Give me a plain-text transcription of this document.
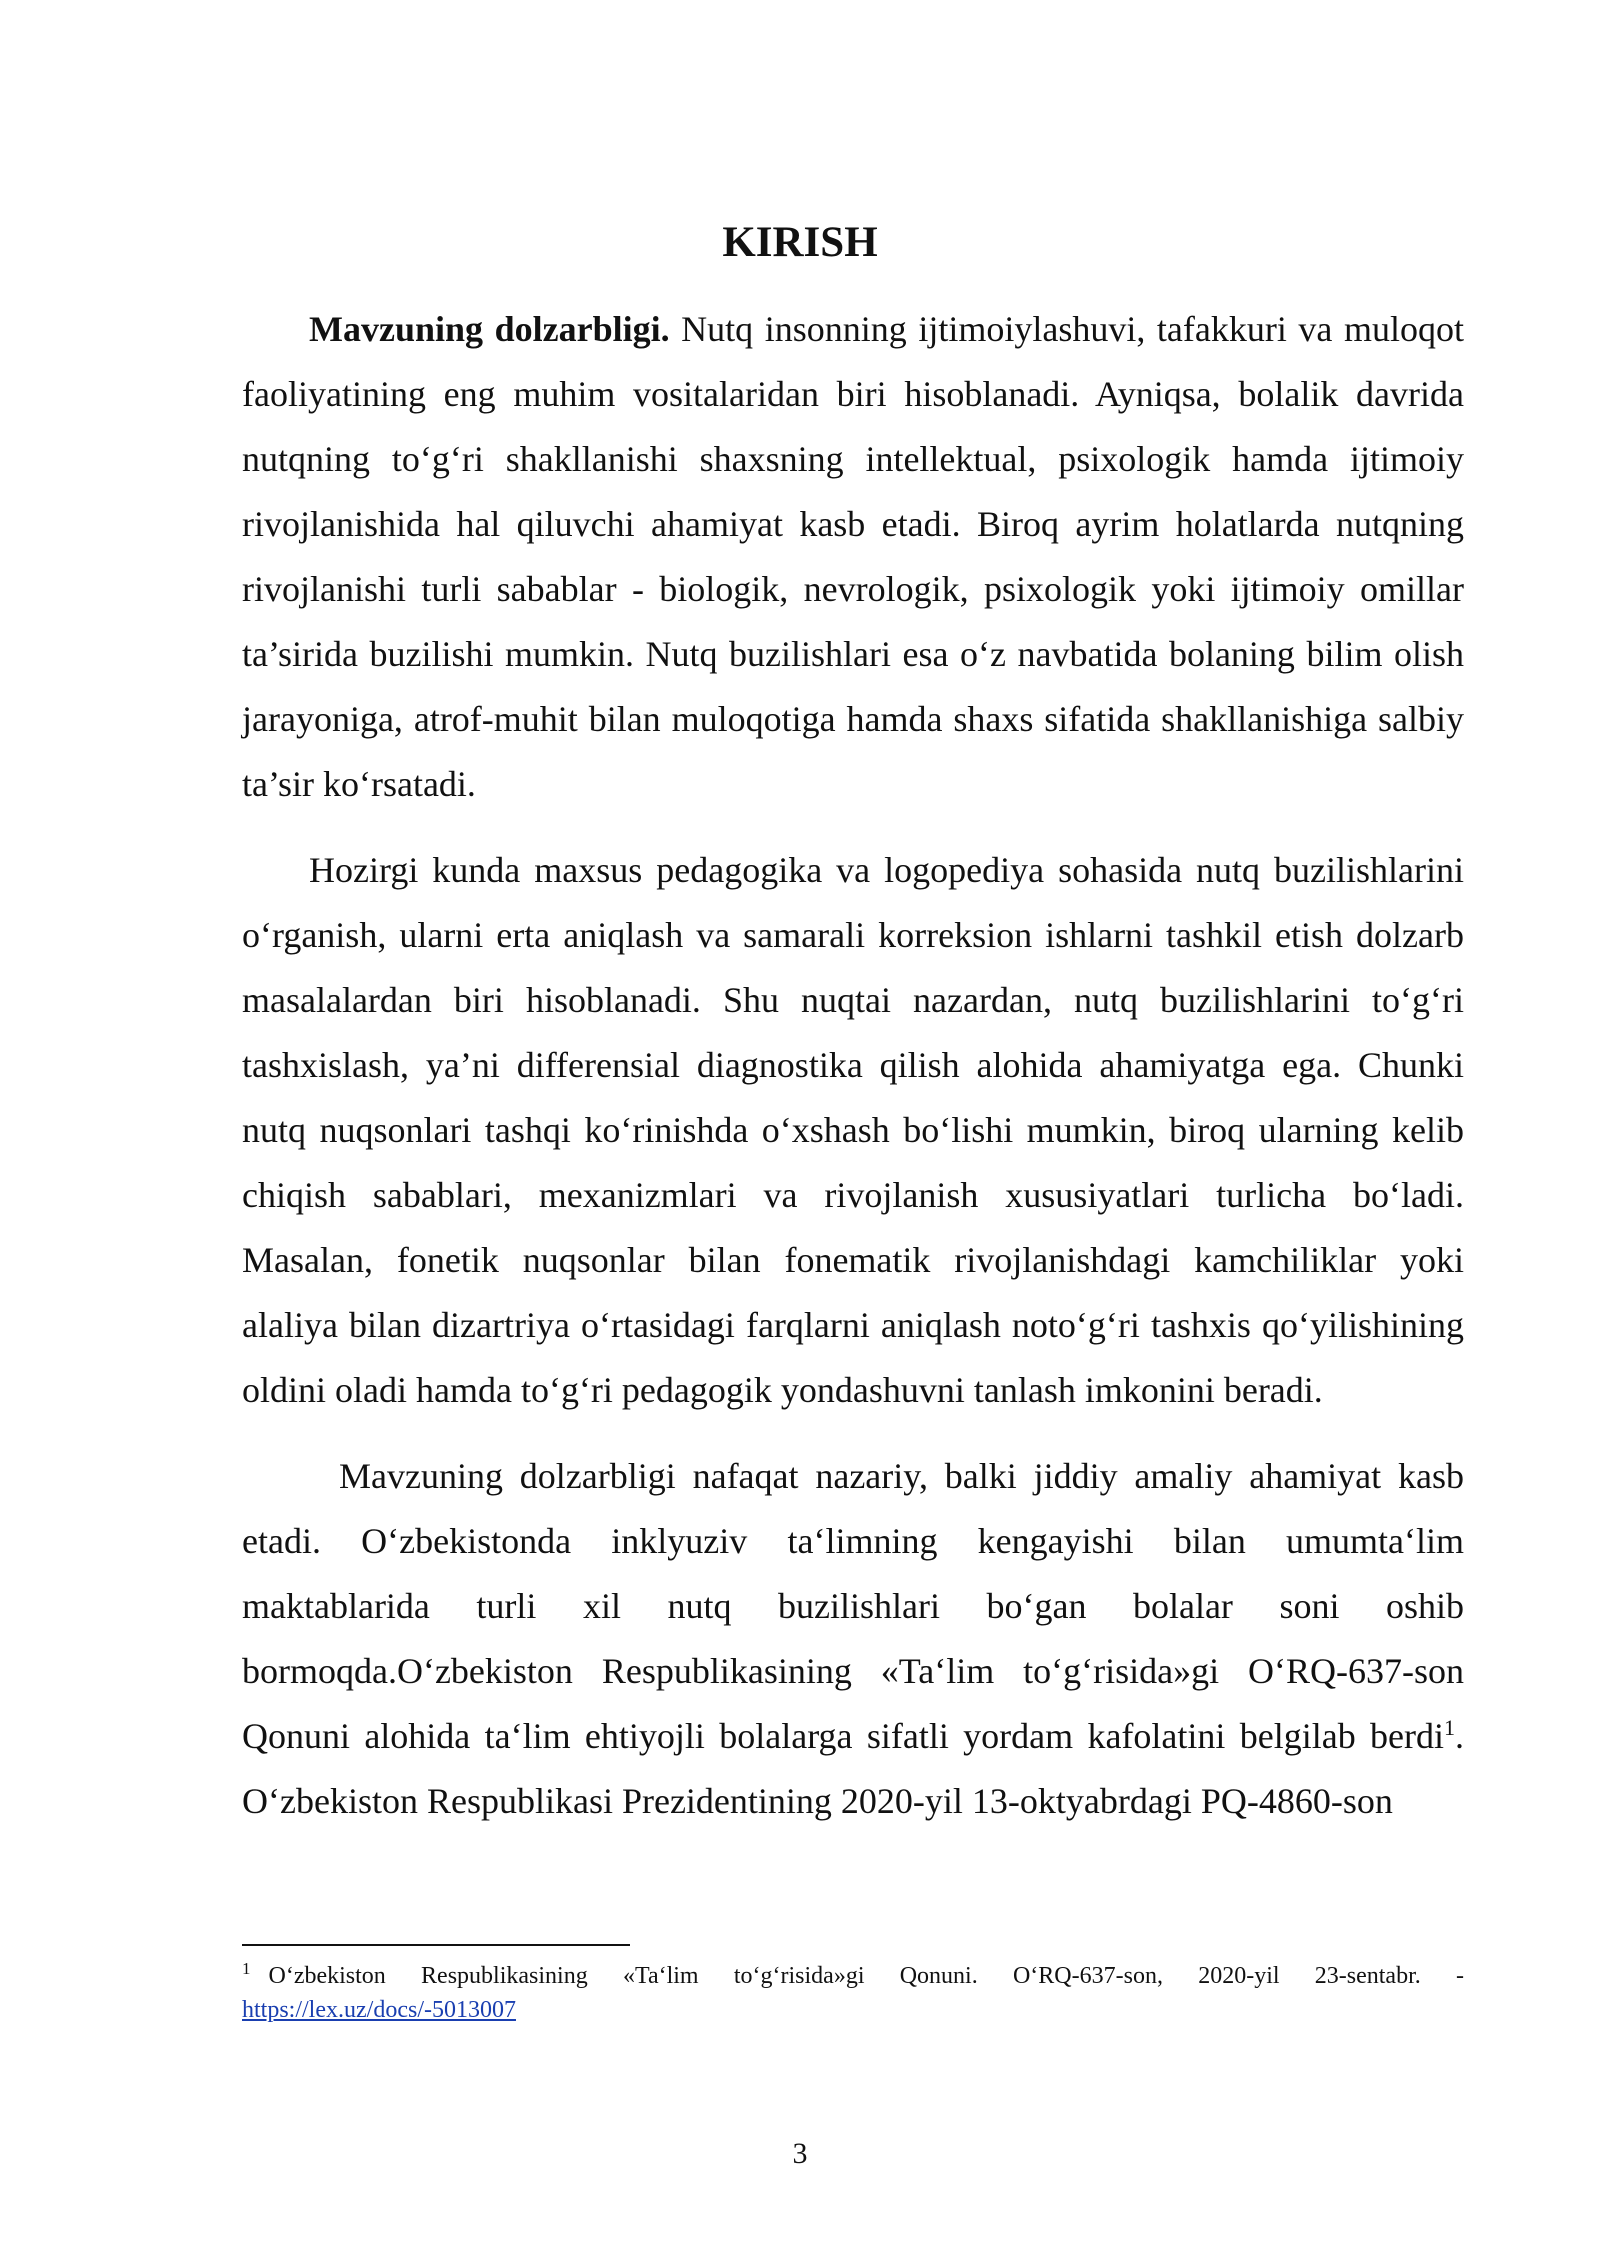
KIRISH

Mavzuning dolzarbligi. Nutq insonning ijtimoiylashuvi, tafakkuri va muloqot faoliyatining eng muhim vositalaridan biri hisoblanadi. Ayniqsa, bolalik davrida nutqning to‘g‘ri shakllanishi shaxsning intellektual, psixologik hamda ijtimoiy rivojlanishida hal qiluvchi ahamiyat kasb etadi. Biroq ayrim holatlarda nutqning rivojlanishi turli sabablar - biologik, nevrologik, psixologik yoki ijtimoiy omillar ta’sirida buzilishi mumkin. Nutq buzilishlari esa o‘z navbatida bolaning bilim olish jarayoniga, atrof-muhit bilan muloqotiga hamda shaxs sifatida shakllanishiga salbiy ta’sir ko‘rsatadi.

Hozirgi kunda maxsus pedagogika va logopediya sohasida nutq buzilishlarini o‘rganish, ularni erta aniqlash va samarali korreksion ishlarni tashkil etish dolzarb masalalardan biri hisoblanadi. Shu nuqtai nazardan, nutq buzilishlarini to‘g‘ri tashxislash, ya’ni differensial diagnostika qilish alohida ahamiyatga ega. Chunki nutq nuqsonlari tashqi ko‘rinishda o‘xshash bo‘lishi mumkin, biroq ularning kelib chiqish sabablari, mexanizmlari va rivojlanish xususiyatlari turlicha bo‘ladi. Masalan, fonetik nuqsonlar bilan fonematik rivojlanishdagi kamchiliklar yoki alaliya bilan dizartriya o‘rtasidagi farqlarni aniqlash noto‘g‘ri tashxis qo‘yilishining oldini oladi hamda to‘g‘ri pedagogik yondashuvni tanlash imkonini beradi.

Mavzuning dolzarbligi nafaqat nazariy, balki jiddiy amaliy ahamiyat kasb etadi. O‘zbekistonda inklyuziv ta‘limning kengayishi bilan umumta‘lim maktablarida turli xil nutq buzilishlari bo‘gan bolalar soni oshib bormoqda.O‘zbekiston Respublikasining «Ta‘lim to‘g‘risida»gi O‘RQ-637-son Qonuni alohida ta‘lim ehtiyojli bolalarga sifatli yordam kafolatini belgilab berdi$^1$. O‘zbekiston Respublikasi Prezidentining 2020-yil 13-oktyabrdagi PQ-4860-son

$^1$ O‘zbekiston Respublikasining «Ta‘lim to‘g‘risida»gi Qonuni. O‘RQ-637-son, 2020-yil 23-sentabr. - https://lex.uz/docs/-5013007

3
